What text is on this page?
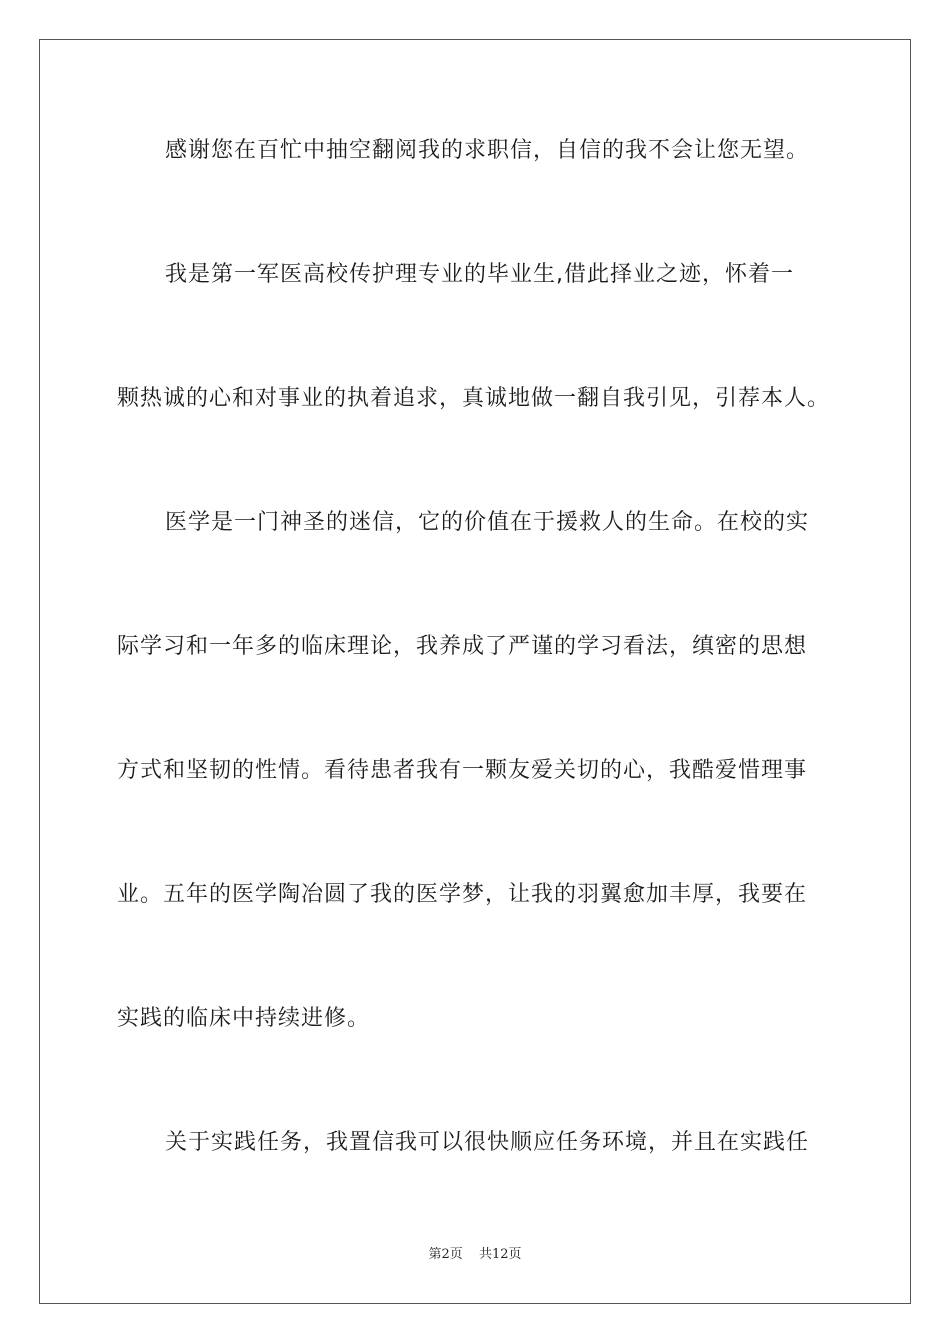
感谢您在百忙中抽空翻阅我的求职信，自信的我不会让您无望。
我是第一军医高校传护理专业的毕业生,借此择业之迹，怀着一
颗热诚的心和对事业的执着追求，真诚地做一翻自我引见，引荐本人。
医学是一门神圣的迷信，它的价值在于援救人的生命。在校的实
际学习和一年多的临床理论，我养成了严谨的学习看法，缜密的思想
方式和坚韧的性情。看待患者我有一颗友爱关切的心，我酷爱惜理事
业。五年的医学陶冶圆了我的医学梦，让我的羽翼愈加丰厚，我要在
实践的临床中持续进修。
关于实践任务，我置信我可以很快顺应任务环境，并且在实践任
第2页 共12页
